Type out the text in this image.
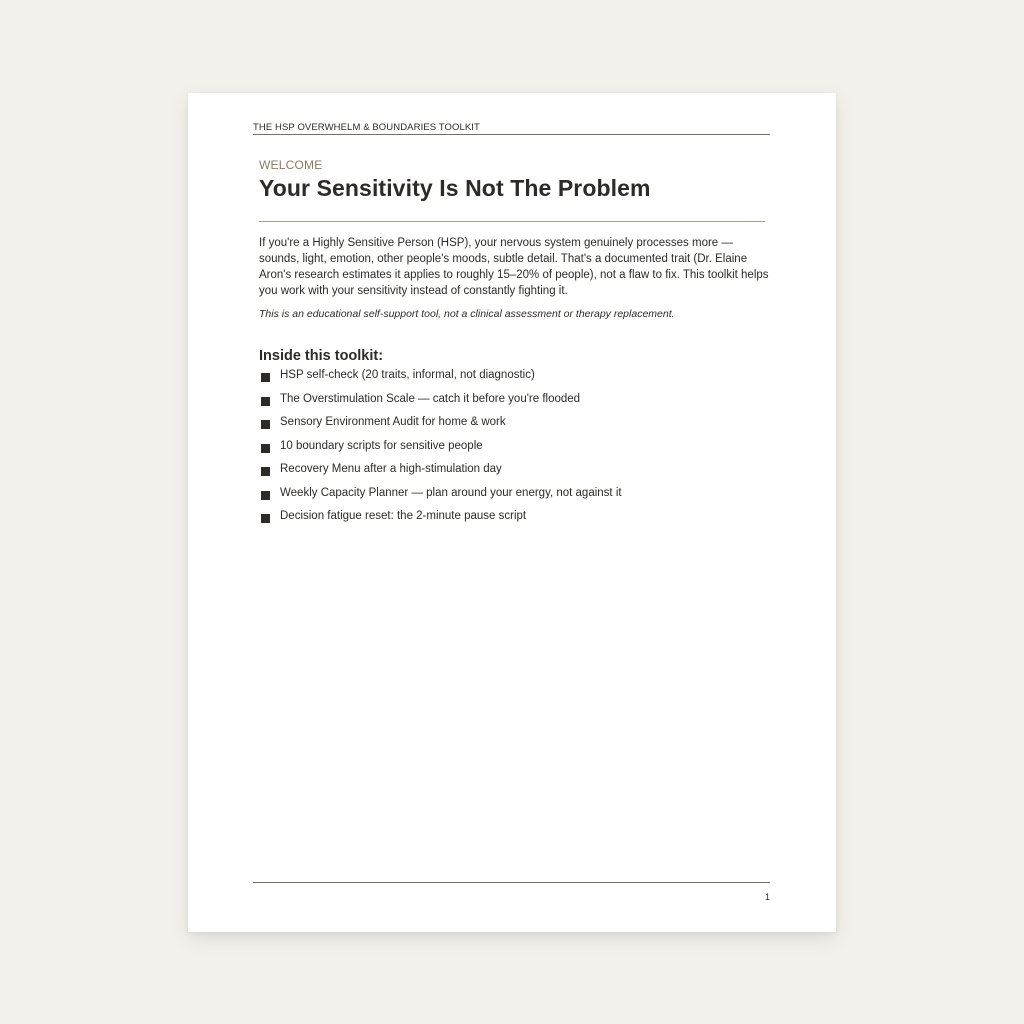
THE HSP OVERWHELM & BOUNDARIES TOOLKIT
WELCOME
Your Sensitivity Is Not The Problem

If you're a Highly Sensitive Person (HSP), your nervous system genuinely processes more — sounds, light, emotion, other people's moods, subtle detail. That's a documented trait (Dr. Elaine Aron's research estimates it applies to roughly 15–20% of people), not a flaw to fix. This toolkit helps you work with your sensitivity instead of constantly fighting it.

This is an educational self-support tool, not a clinical assessment or therapy replacement.

Inside this toolkit:
HSP self-check (20 traits, informal, not diagnostic)
The Overstimulation Scale — catch it before you're flooded
Sensory Environment Audit for home & work
10 boundary scripts for sensitive people
Recovery Menu after a high-stimulation day
Weekly Capacity Planner — plan around your energy, not against it
Decision fatigue reset: the 2-minute pause script
1
